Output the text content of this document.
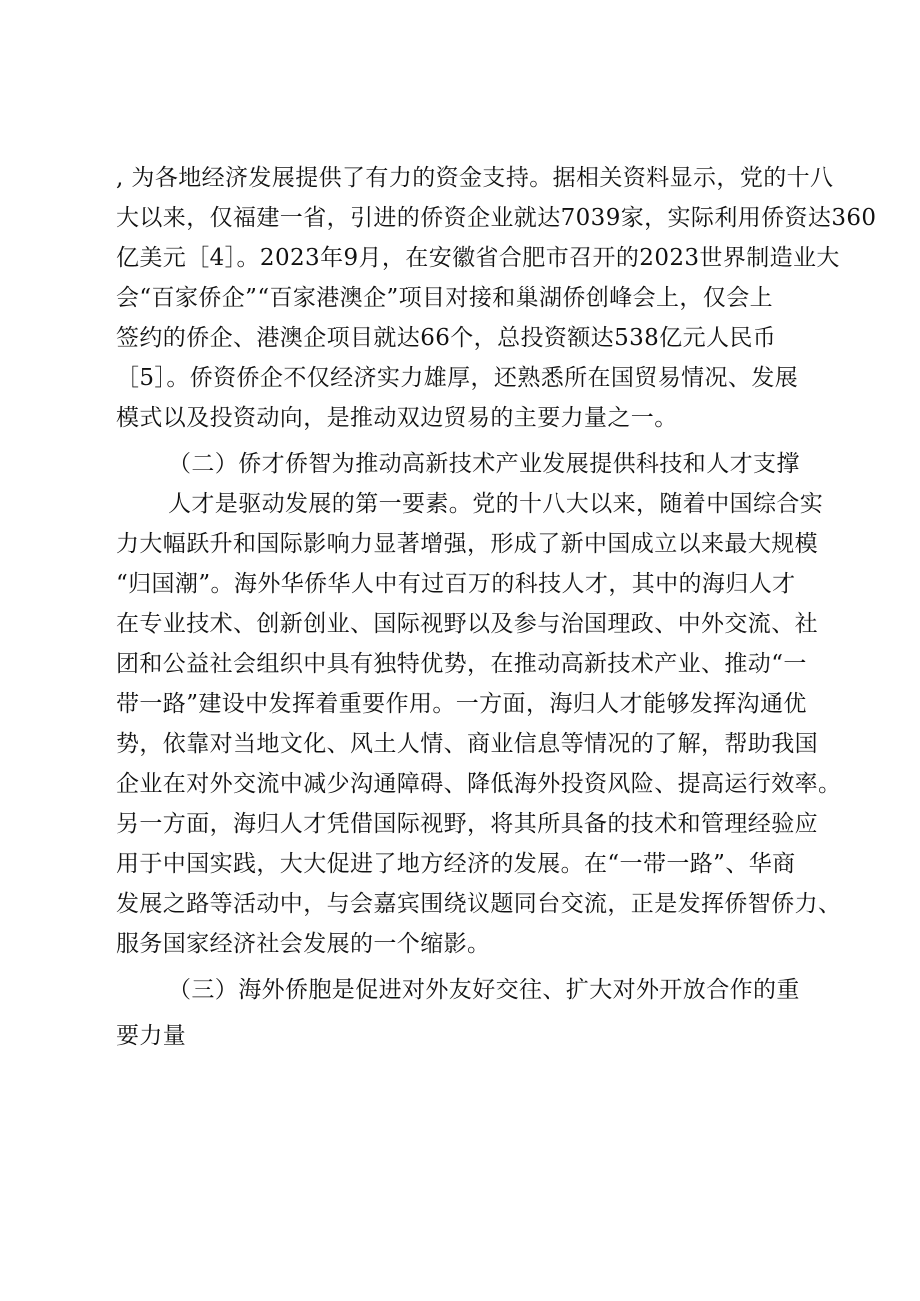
, 为各地经济发展提供了有力的资金支持。据相关资料显示，党的十八
大以来，仅福建一省，引进的侨资企业就达7039家，实际利用侨资达360
亿美元［4］。2023年9月，在安徽省合肥市召开的2023世界制造业大
会“百家侨企”“百家港澳企”项目对接和巢湖侨创峰会上，仅会上
签约的侨企、港澳企项目就达66个，总投资额达538亿元人民币
［5］。侨资侨企不仅经济实力雄厚，还熟悉所在国贸易情况、发展
模式以及投资动向，是推动双边贸易的主要力量之一。
（二）侨才侨智为推动高新技术产业发展提供科技和人才支撑
人才是驱动发展的第一要素。党的十八大以来，随着中国综合实
力大幅跃升和国际影响力显著增强，形成了新中国成立以来最大规模
“归国潮”。海外华侨华人中有过百万的科技人才，其中的海归人才
在专业技术、创新创业、国际视野以及参与治国理政、中外交流、社
团和公益社会组织中具有独特优势，在推动高新技术产业、推动“一
带一路”建设中发挥着重要作用。一方面，海归人才能够发挥沟通优
势，依靠对当地文化、风土人情、商业信息等情况的了解，帮助我国
企业在对外交流中减少沟通障碍、降低海外投资风险、提高运行效率。
另一方面，海归人才凭借国际视野，将其所具备的技术和管理经验应
用于中国实践，大大促进了地方经济的发展。在“一带一路”、华商
发展之路等活动中，与会嘉宾围绕议题同台交流，正是发挥侨智侨力、
服务国家经济社会发展的一个缩影。
（三）海外侨胞是促进对外友好交往、扩大对外开放合作的重
要力量
